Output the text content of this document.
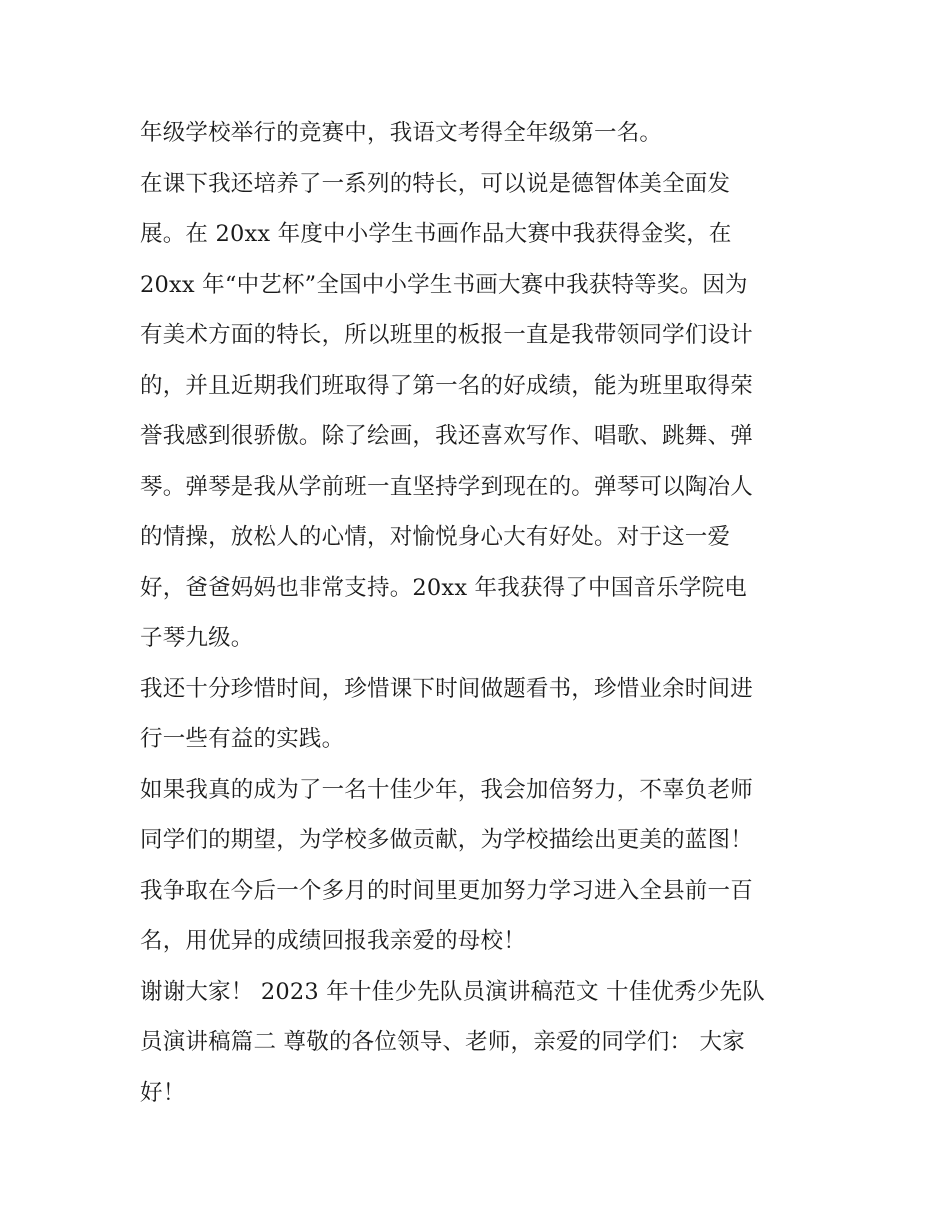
年级学校举行的竞赛中，我语文考得全年级第一名。
在课下我还培养了一系列的特长，可以说是德智体美全面发
展。在 20xx 年度中小学生书画作品大赛中我获得金奖，在
20xx 年“中艺杯”全国中小学生书画大赛中我获特等奖。因为
有美术方面的特长，所以班里的板报一直是我带领同学们设计
的，并且近期我们班取得了第一名的好成绩，能为班里取得荣
誉我感到很骄傲。除了绘画，我还喜欢写作、唱歌、跳舞、弹
琴。弹琴是我从学前班一直坚持学到现在的。弹琴可以陶冶人
的情操，放松人的心情，对愉悦身心大有好处。对于这一爱
好，爸爸妈妈也非常支持。20xx 年我获得了中国音乐学院电
子琴九级。
我还十分珍惜时间，珍惜课下时间做题看书，珍惜业余时间进
行一些有益的实践。
如果我真的成为了一名十佳少年，我会加倍努力，不辜负老师
同学们的期望，为学校多做贡献，为学校描绘出更美的蓝图！
我争取在今后一个多月的时间里更加努力学习进入全县前一百
名，用优异的成绩回报我亲爱的母校！
谢谢大家！ 2023 年十佳少先队员演讲稿范文 十佳优秀少先队
员演讲稿篇二 尊敬的各位领导、老师，亲爱的同学们： 大家
好！
